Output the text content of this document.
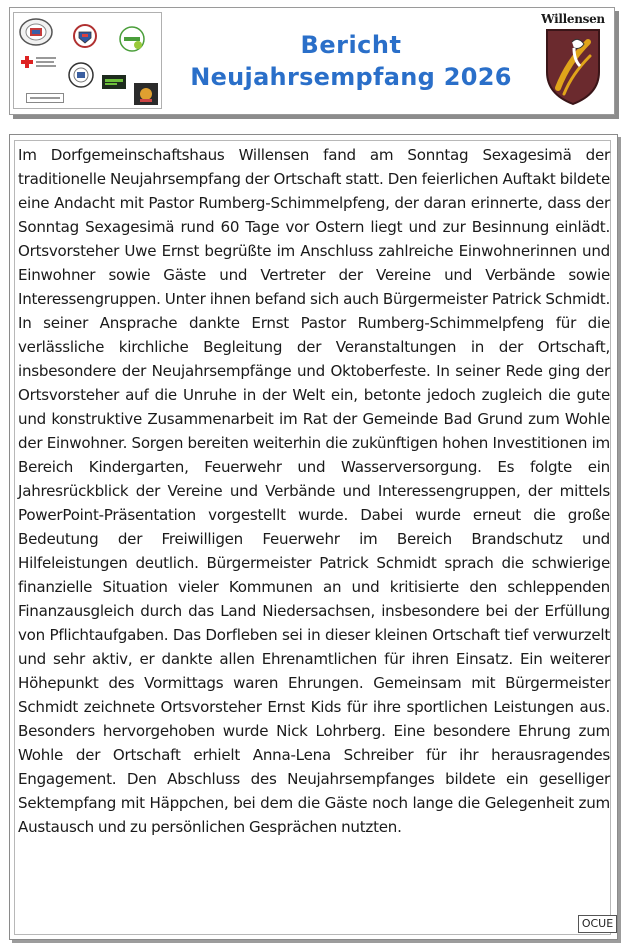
Bericht
Neujahrsempfang 2026
Willensen

Im Dorfgemeinschaftshaus Willensen fand am Sonntag Sexagesimä der traditionelle Neujahrsempfang der Ortschaft statt. Den feierlichen Auftakt bildete eine Andacht mit Pastor Rumberg-Schimmelpfeng, der daran erinnerte, dass der Sonntag Sexagesimä rund 60 Tage vor Ostern liegt und zur Besinnung einlädt. Ortsvorsteher Uwe Ernst begrüßte im Anschluss zahlreiche Einwohnerinnen und Einwohner sowie Gäste und Vertreter der Vereine und Verbände sowie Interessengruppen. Unter ihnen befand sich auch Bürgermeister Patrick Schmidt. In seiner Ansprache dankte Ernst Pastor Rumberg-Schimmelpfeng für die verlässliche kirchliche Begleitung der Veranstaltungen in der Ortschaft, insbesondere der Neujahrsempfänge und Oktoberfeste. In seiner Rede ging der Ortsvorsteher auf die Unruhe in der Welt ein, betonte jedoch zugleich die gute und konstruktive Zusammenarbeit im Rat der Gemeinde Bad Grund zum Wohle der Einwohner. Sorgen bereiten weiterhin die zukünftigen hohen Investitionen im Bereich Kindergarten, Feuerwehr und Wasserversorgung. Es folgte ein Jahresrückblick der Vereine und Verbände und Interessengruppen, der mittels PowerPoint-Präsentation vorgestellt wurde. Dabei wurde erneut die große Bedeutung der Freiwilligen Feuerwehr im Bereich Brandschutz und Hilfeleistungen deutlich. Bürgermeister Patrick Schmidt sprach die schwierige finanzielle Situation vieler Kommunen an und kritisierte den schleppenden Finanzausgleich durch das Land Niedersachsen, insbesondere bei der Erfüllung von Pflichtaufgaben. Das Dorfleben sei in dieser kleinen Ortschaft tief verwurzelt und sehr aktiv, er dankte allen Ehrenamtlichen für ihren Einsatz. Ein weiterer Höhepunkt des Vormittags waren Ehrungen. Gemeinsam mit Bürgermeister Schmidt zeichnete Ortsvorsteher Ernst Kids für ihre sportlichen Leistungen aus. Besonders hervorgehoben wurde Nick Lohrberg. Eine besondere Ehrung zum Wohle der Ortschaft erhielt Anna-Lena Schreiber für ihr herausragendes Engagement. Den Abschluss des Neujahrsempfanges bildete ein geselliger Sektempfang mit Häppchen, bei dem die Gäste noch lange die Gelegenheit zum Austausch und zu persönlichen Gesprächen nutzten.

OCUE
